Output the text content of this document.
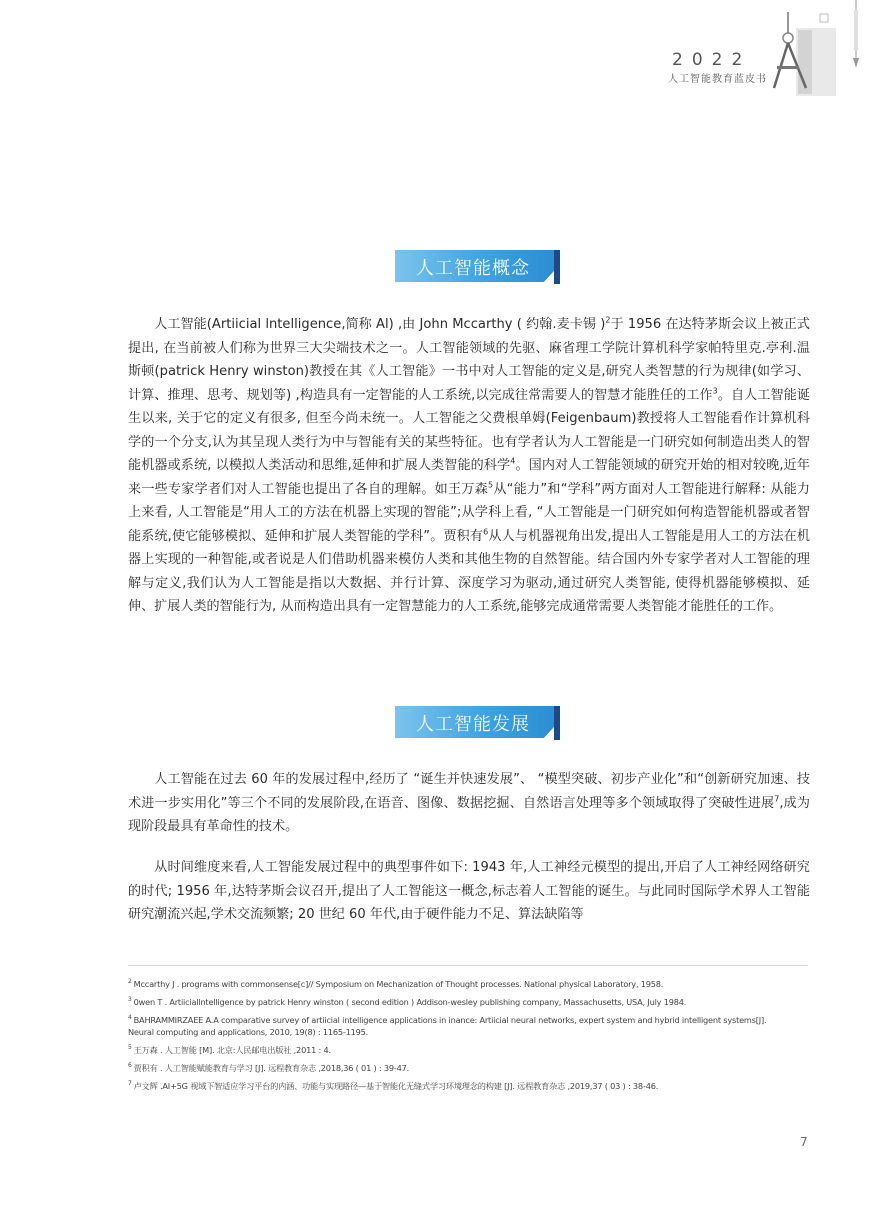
2022
人工智能教育蓝皮书
人工智能概念

人工智能(Artiicial lntelligence,简称 Al) ,由 John Mccarthy ( 约翰.麦卡锡 )$^2$于 1956 在达特茅斯会议上被正式提出, 在当前被人们称为世界三大尖端技术之一。人工智能领域的先驱、麻省理工学院计算机科学家帕特里克.亭利.温斯顿(patrick Henry winston)教授在其《人工智能》一书中对人工智能的定义是,研究人类智慧的行为规律(如学习、计算、推理、思考、规划等) ,构造具有一定智能的人工系统,以完成往常需要人的智慧才能胜任的工作$^3$。自人工智能诞生以来, 关于它的定义有很多, 但至今尚未统一。人工智能之父费根单姆(Feigenbaum)教授将人工智能看作计算机科学的一个分支,认为其呈现人类行为中与智能有关的某些特征。也有学者认为人工智能是一门研究如何制造出类人的智能机器或系统, 以模拟人类活动和思维,延伸和扩展人类智能的科学$^4$。国内对人工智能领域的研究开始的相对较晚,近年来一些专家学者们对人工智能也提出了各自的理解。如王万森$^5$从“能力”和“学科”两方面对人工智能进行解释: 从能力上来看, 人工智能是“用人工的方法在机器上实现的智能”;从学科上看, “人工智能是一门研究如何构造智能机器或者智能系统,使它能够模拟、延伸和扩展人类智能的学科”。贾积有$^6$从人与机器视角出发,提出人工智能是用人工的方法在机器上实现的一种智能,或者说是人们借助机器来模仿人类和其他生物的自然智能。结合国内外专家学者对人工智能的理解与定义,我们认为人工智能是指以大数据、并行计算、深度学习为驱动,通过研究人类智能, 使得机器能够模拟、延伸、扩展人类的智能行为, 从而构造出具有一定智慧能力的人工系统,能够完成通常需要人类智能才能胜任的工作。

人工智能发展

人工智能在过去 60 年的发展过程中,经历了 “诞生并快速发展”、 “模型突破、初步产业化”和“创新研究加速、技术进一步实用化”等三个不同的发展阶段,在语音、图像、数据挖掘、自然语言处理等多个领域取得了突破性进展$^7$,成为现阶段最具有革命性的技术。

从时间维度来看,人工智能发展过程中的典型事件如下: 1943 年,人工神经元模型的提出,开启了人工神经网络研究的时代; 1956 年,达特茅斯会议召开,提出了人工智能这一概念,标志着人工智能的诞生。与此同时国际学术界人工智能研究潮流兴起,学术交流频繁; 20 世纪 60 年代,由于硬件能力不足、算法缺陷等

$^2$ Mccarthy J . programs with commonsense[c]// Symposium on Mechanization of Thought processes. National physical Laboratory, 1958.

$^3$ 0wen T . Artiiciallntelligence by patrick Henry winston ( second edition ) Addison-wesley publishing company, Massachusetts, USA, July 1984.

$^4$ BAHRAMMIRZAEE A.A comparative survey of artiicial intelligence applications in inance: Artiicial neural networks, expert system and hybrid intelligent systems[J].
Neural computing and applications, 2010, 19(8) : 1165-1195.

$^5$ 王万森 . 人工智能 [M]. 北京:人民邮电出版社 ,2011 : 4.

$^6$ 贾积有 . 人工智能赋能教育与学习 [J]. 远程教育杂志 ,2018,36 ( 01 ) : 39-47.

$^7$ 卢文辉 .AI+5G 视域下智适应学习平台的内涵、功能与实现路径—基于智能化无缝式学习环境理念的构建 [J]. 远程教育杂志 ,2019,37 ( 03 ) : 38-46.

7
